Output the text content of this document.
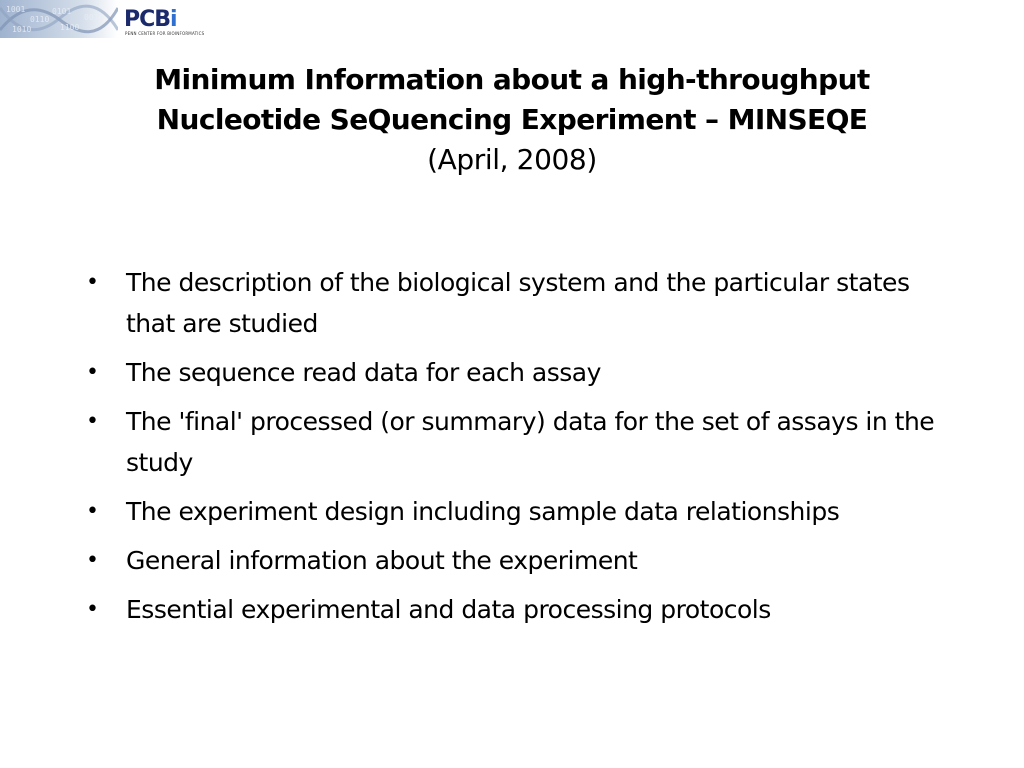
1001
0110
1010
0101
1100
0011 PCBi
PENN CENTER FOR BIOINFORMATICS
Minimum Information about a high-throughput
Nucleotide SeQuencing Experiment – MINSEQE
(April, 2008)
• The description of the biological system and the particular states that are studied
• The sequence read data for each assay
• The 'final' processed (or summary) data for the set of assays in the study
• The experiment design including sample data relationships
• General information about the experiment
• Essential experimental and data processing protocols
